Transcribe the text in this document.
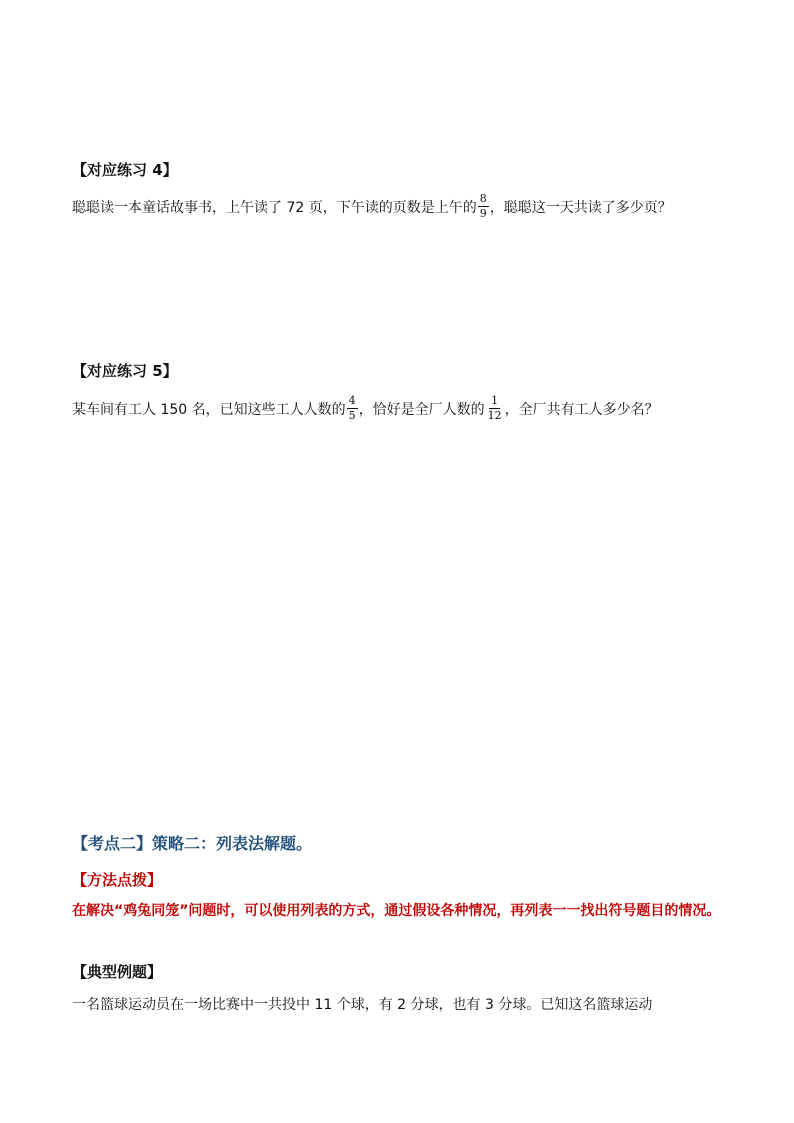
【对应练习 4】
聪聪读一本童话故事书，上午读了 72 页，下午读的页数是上午的 $\frac{8}{9}$ ，聪聪这一天共读了多少页？
【对应练习 5】
某车间有工人 150 名，已知这些工人人数的 $\frac{4}{5}$ ，恰好是全厂人数的 $\frac{1}{12}$ ，全厂共有工人多少名？
【考点二】策略二：列表法解题。
【方法点拨】
在解决“鸡兔同笼”问题时，可以使用列表的方式，通过假设各种情况，再列表一一找出符号题目的情况。
【典型例题】
一名篮球运动员在一场比赛中一共投中 11 个球，有 2 分球，也有 3 分球。已知这名篮球运动
